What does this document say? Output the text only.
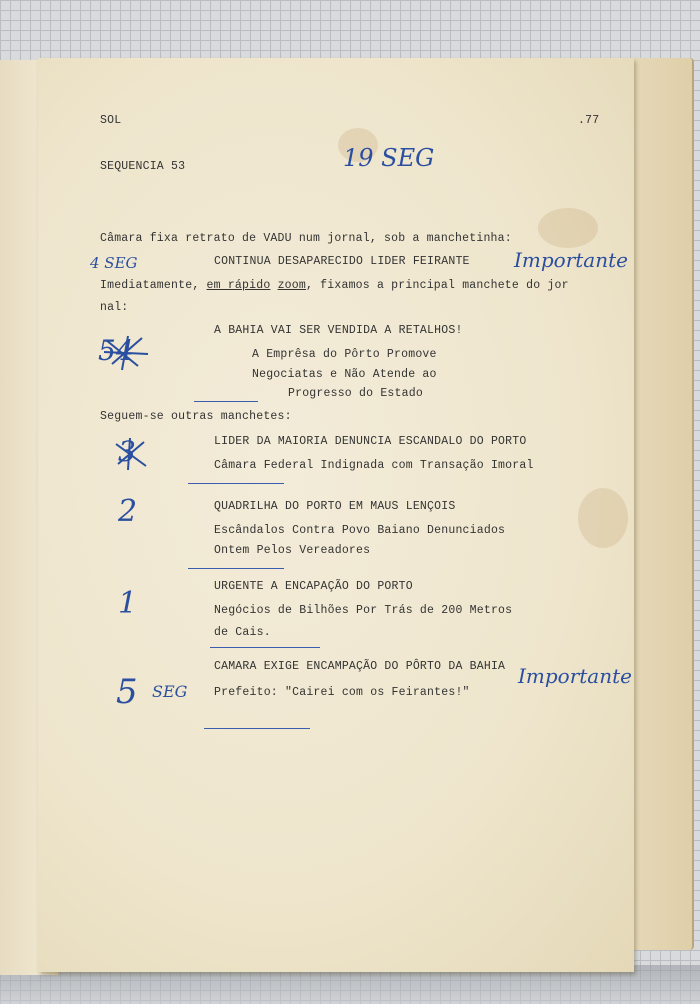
SOL	.77
SEQUENCIA 53	19 SEG
Câmara fixa retrato de VADU num jornal, sob a manchetinha:
4 SEG	CONTINUA DESAPARECIDO LIDER FEIRANTE Importante
Imediatamente, em rápido zoom, fixamos a principal manchete do jor
nal:
54
A BAHIA VAI SER VENDIDA A RETALHOS!
A Emprêsa do Pôrto Promove
Negociatas e Não Atende ao
Progresso do Estado
Seguem-se outras manchetes:
3	LIDER DA MAIORIA DENUNCIA ESCANDALO DO PORTO
Câmara Federal Indignada com Transação Imoral
2	QUADRILHA DO PORTO EM MAUS LENÇOIS
Escândalos Contra Povo Baiano Denunciados
Ontem Pelos Vereadores
1	URGENTE A ENCAPAÇÃO DO PORTO
Negócios de Bilhões Por Trás de 200 Metros
de Cais.
CAMARA EXIGE ENCAMPAÇÃO DO PÔRTO DA BAHIA Importante
5 SEG Prefeito: "Cairei com os Feirantes!"
